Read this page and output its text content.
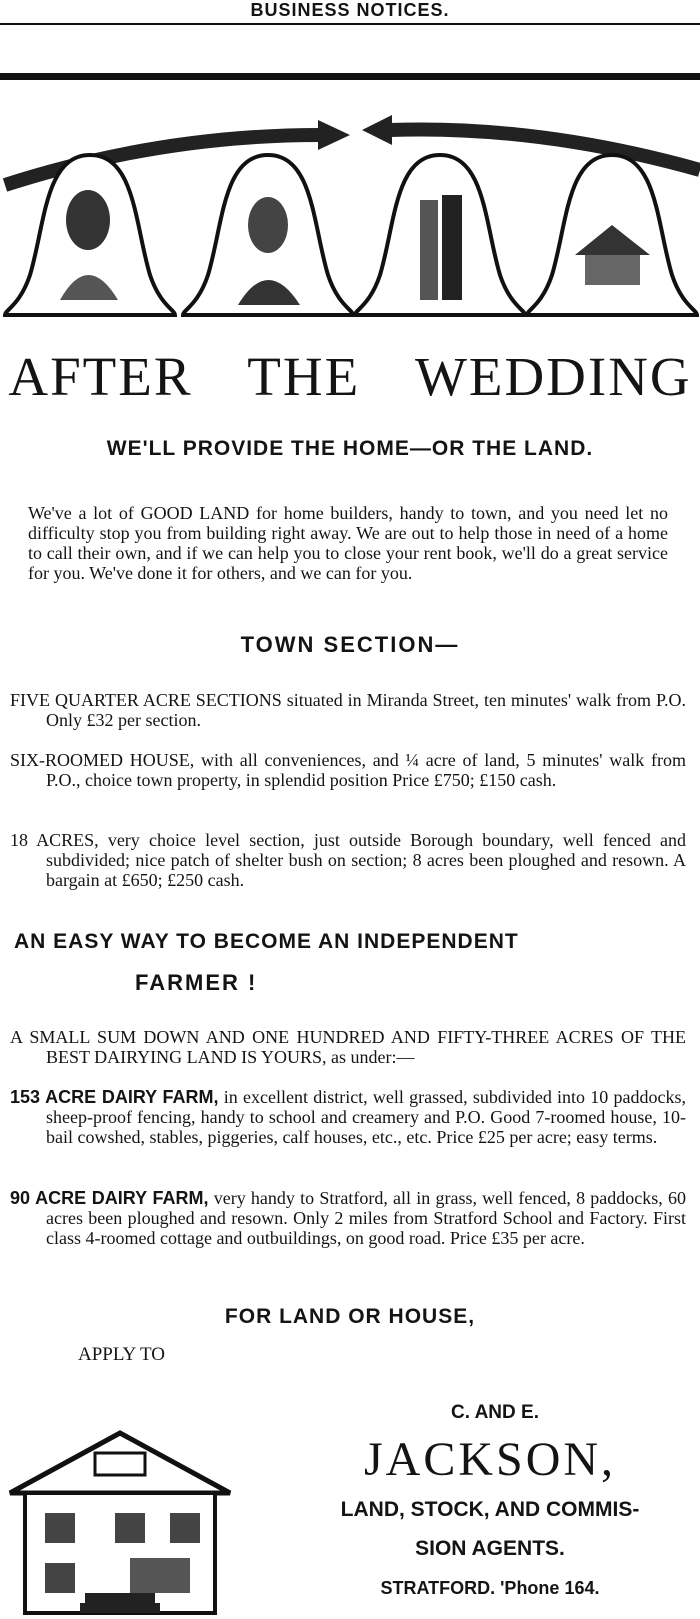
BUSINESS NOTICES.
AFTER THE WEDDING
WE'LL PROVIDE THE HOME—OR THE LAND.

We've a lot of GOOD LAND for home builders, handy to town, and you need let no difficulty stop you from building right away. We are out to help those in need of a home to call their own, and if we can help you to close your rent book, we'll do a great service for you. We've done it for others, and we can for you.

TOWN SECTION—

FIVE QUARTER ACRE SECTIONS situated in Miranda Street, ten minutes' walk from P.O. Only £32 per section.

SIX-ROOMED HOUSE, with all conveniences, and ¼ acre of land, 5 minutes' walk from P.O., choice town property, in splendid position Price £750; £150 cash.

18 ACRES, very choice level section, just outside Borough boundary, well fenced and subdivided; nice patch of shelter bush on section; 8 acres been ploughed and resown. A bargain at £650; £250 cash.

AN EASY WAY TO BECOME AN INDEPENDENT
FARMER !

A SMALL SUM DOWN AND ONE HUNDRED AND FIFTY-THREE ACRES OF THE BEST DAIRYING LAND IS YOURS, as under:—

153 ACRE DAIRY FARM, in excellent district, well grassed, subdivided into 10 paddocks, sheep-proof fencing, handy to school and creamery and P.O. Good 7-roomed house, 10-bail cowshed, stables, piggeries, calf houses, etc., etc. Price £25 per acre; easy terms.

90 ACRE DAIRY FARM, very handy to Stratford, all in grass, well fenced, 8 paddocks, 60 acres been ploughed and resown. Only 2 miles from Stratford School and Factory. First class 4-roomed cottage and outbuildings, on good road. Price £35 per acre.

FOR LAND OR HOUSE,
APPLY TO
C. AND E.
JACKSON,
LAND, STOCK, AND COMMIS-
SION AGENTS.
STRATFORD. 'Phone 164.
